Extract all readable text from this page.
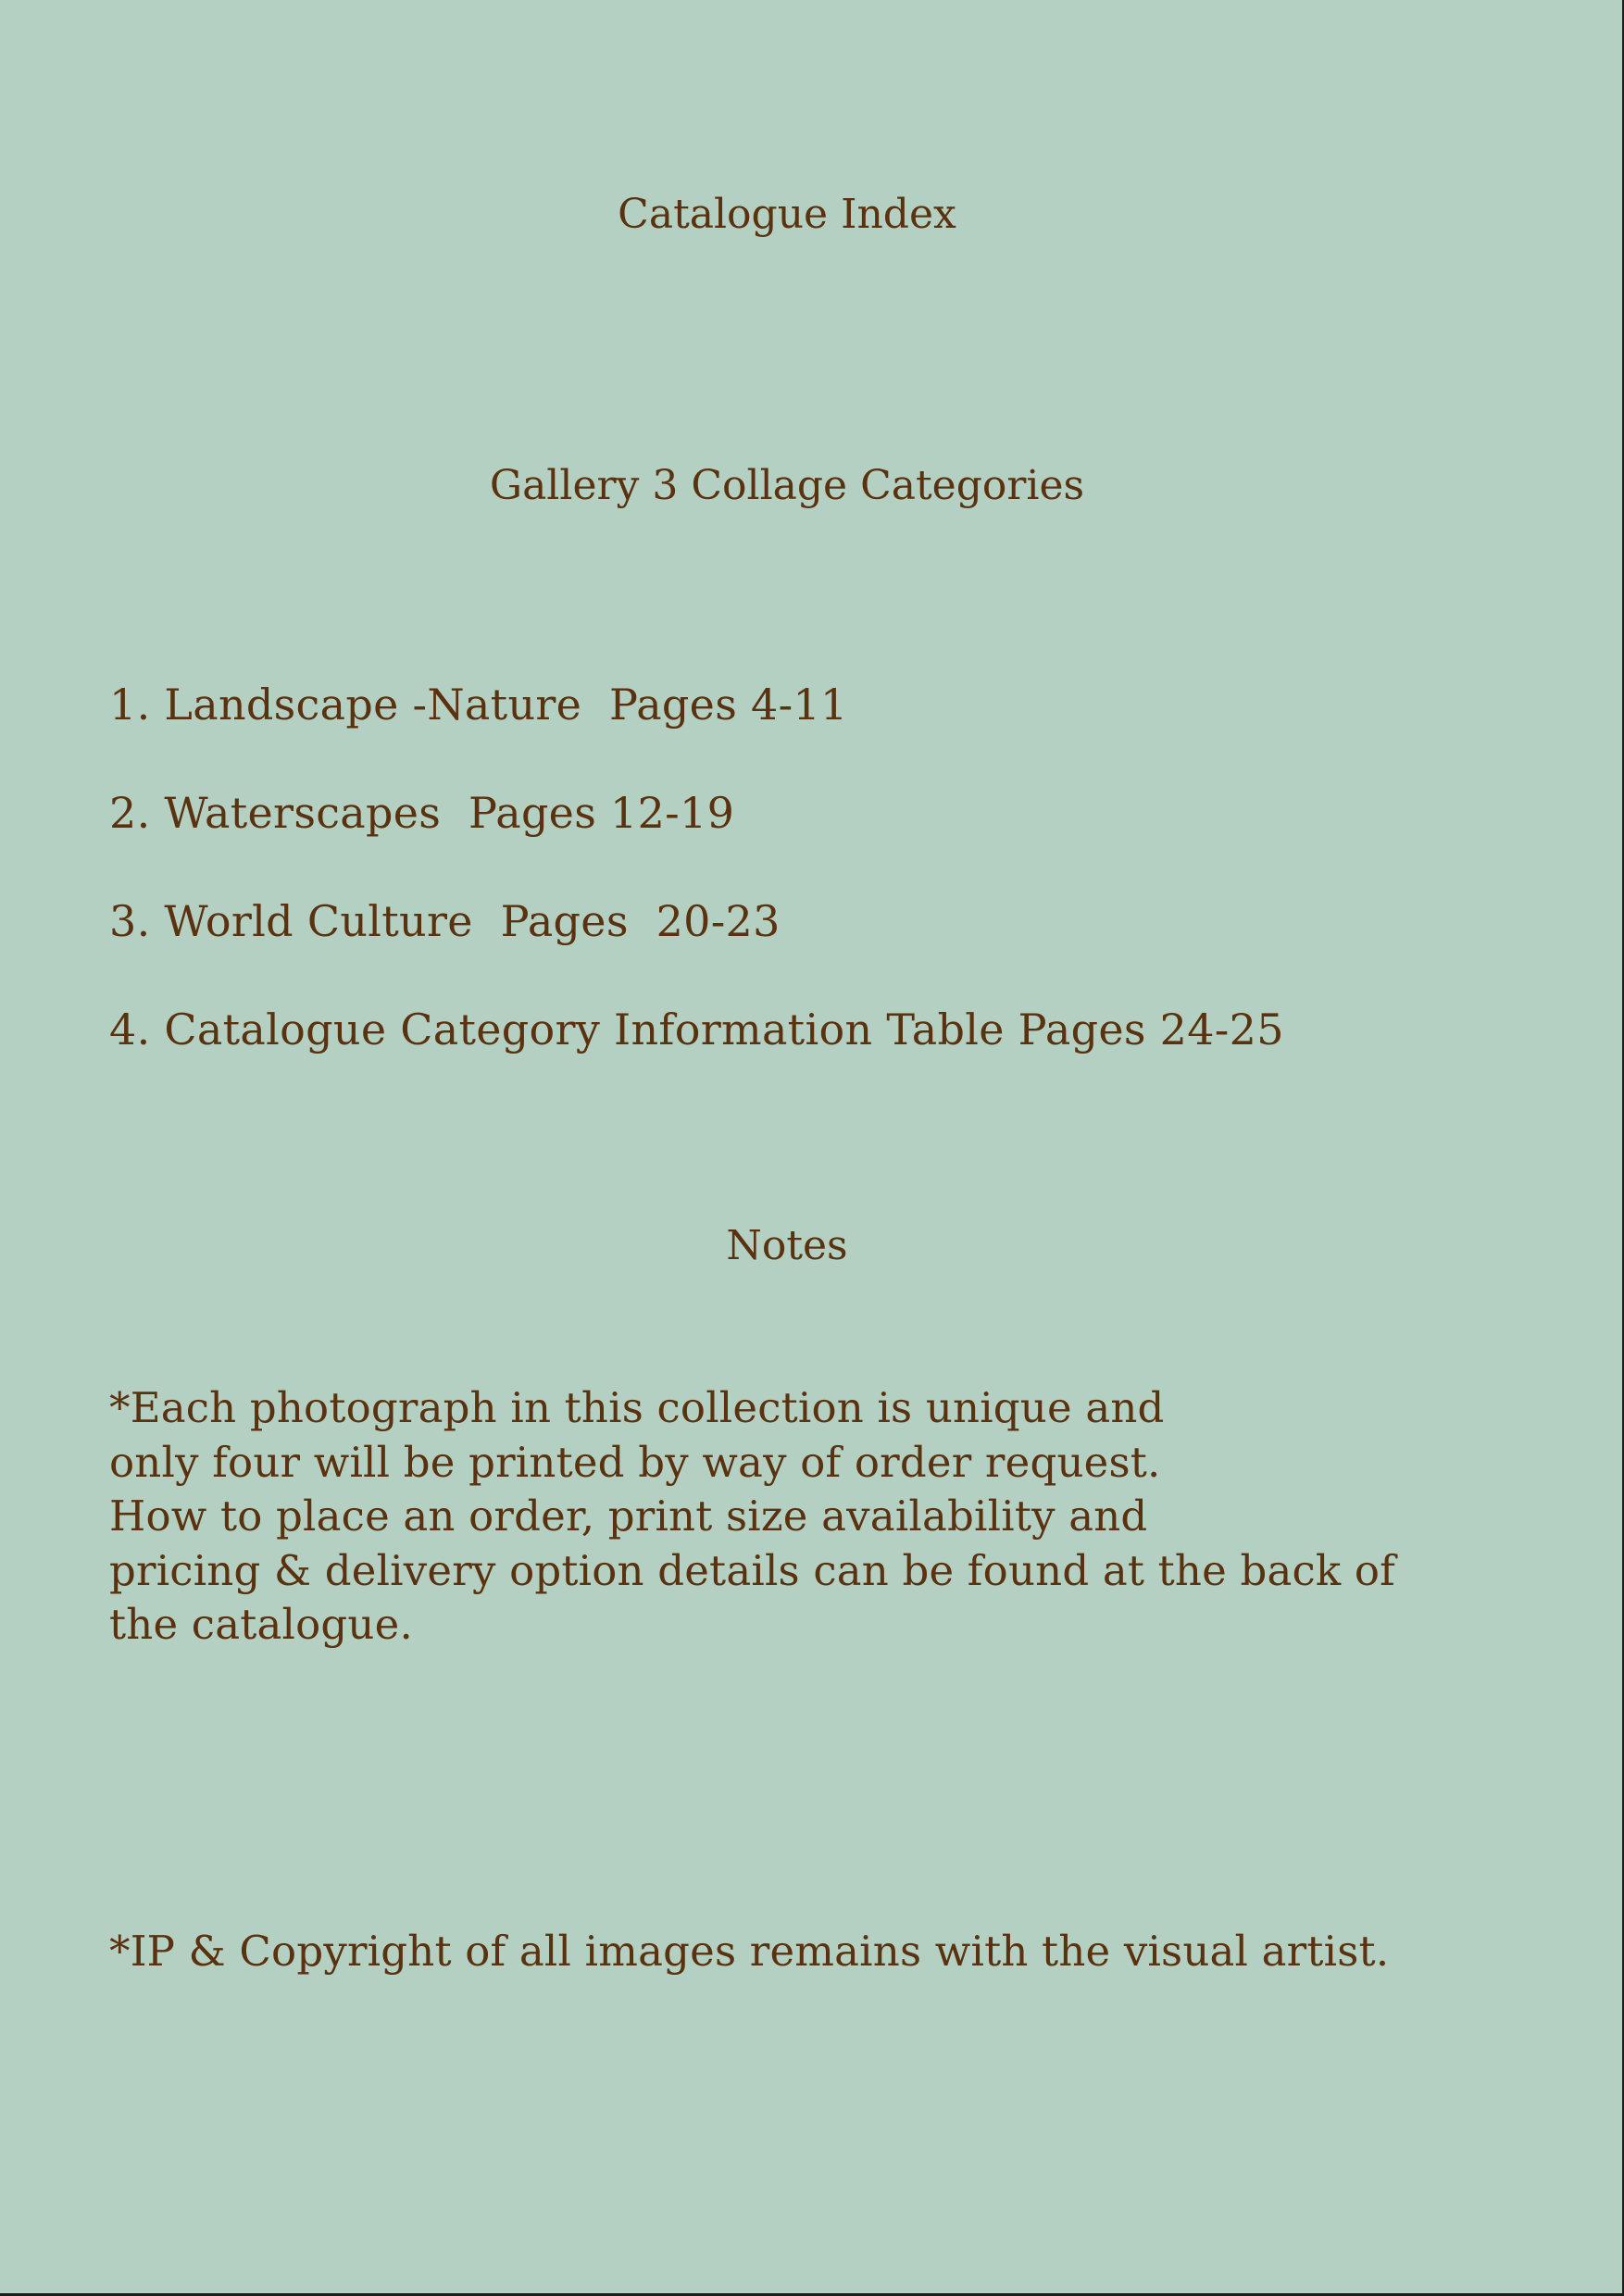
Catalogue Index
Gallery 3 Collage Categories
1. Landscape -Nature  Pages 4-11
2. Waterscapes  Pages 12-19
3. World Culture  Pages  20-23
4. Catalogue Category Information Table Pages 24-25
Notes
*Each photograph in this collection is unique and
only four will be printed by way of order request.
How to place an order, print size availability and
pricing & delivery option details can be found at the back of
the catalogue.
*IP & Copyright of all images remains with the visual artist.
